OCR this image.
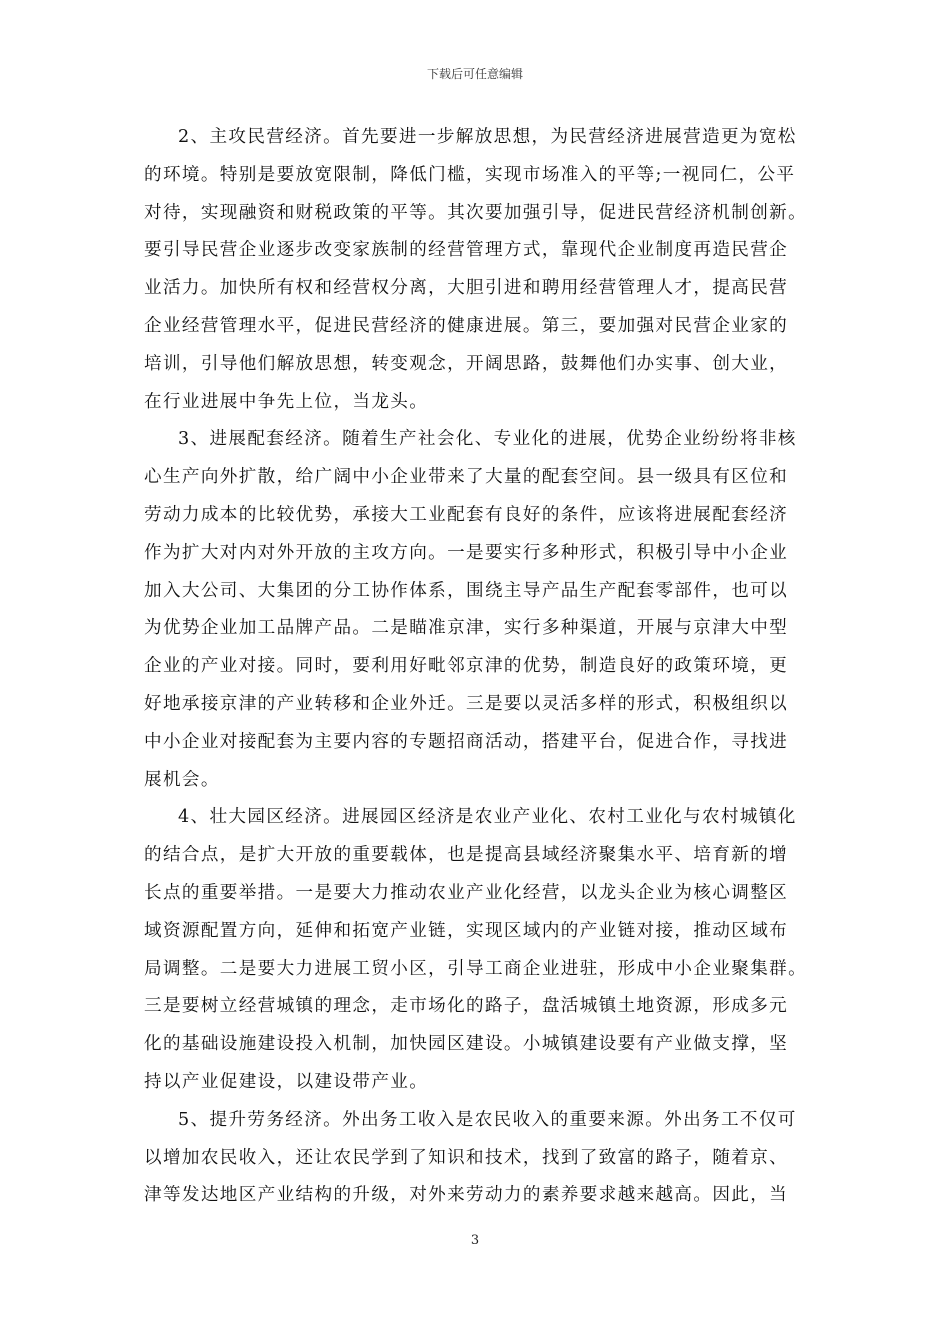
下载后可任意编辑
2、主攻民营经济。首先要进一步解放思想，为民营经济进展营造更为宽松
的环境。特别是要放宽限制，降低门槛，实现市场准入的平等;一视同仁，公平
对待，实现融资和财税政策的平等。其次要加强引导，促进民营经济机制创新。
要引导民营企业逐步改变家族制的经营管理方式，靠现代企业制度再造民营企
业活力。加快所有权和经营权分离，大胆引进和聘用经营管理人才，提高民营
企业经营管理水平，促进民营经济的健康进展。第三，要加强对民营企业家的
培训，引导他们解放思想，转变观念，开阔思路，鼓舞他们办实事、创大业，
在行业进展中争先上位，当龙头。
3、进展配套经济。随着生产社会化、专业化的进展，优势企业纷纷将非核
心生产向外扩散，给广阔中小企业带来了大量的配套空间。县一级具有区位和
劳动力成本的比较优势，承接大工业配套有良好的条件，应该将进展配套经济
作为扩大对内对外开放的主攻方向。一是要实行多种形式，积极引导中小企业
加入大公司、大集团的分工协作体系，围绕主导产品生产配套零部件，也可以
为优势企业加工品牌产品。二是瞄准京津，实行多种渠道，开展与京津大中型
企业的产业对接。同时，要利用好毗邻京津的优势，制造良好的政策环境，更
好地承接京津的产业转移和企业外迁。三是要以灵活多样的形式，积极组织以
中小企业对接配套为主要内容的专题招商活动，搭建平台，促进合作，寻找进
展机会。
4、壮大园区经济。进展园区经济是农业产业化、农村工业化与农村城镇化
的结合点，是扩大开放的重要载体，也是提高县域经济聚集水平、培育新的增
长点的重要举措。一是要大力推动农业产业化经营，以龙头企业为核心调整区
域资源配置方向，延伸和拓宽产业链，实现区域内的产业链对接，推动区域布
局调整。二是要大力进展工贸小区，引导工商企业进驻，形成中小企业聚集群。
三是要树立经营城镇的理念，走市场化的路子，盘活城镇土地资源，形成多元
化的基础设施建设投入机制，加快园区建设。小城镇建设要有产业做支撑，坚
持以产业促建设，以建设带产业。
5、提升劳务经济。外出务工收入是农民收入的重要来源。外出务工不仅可
以增加农民收入，还让农民学到了知识和技术，找到了致富的路子，随着京、
津等发达地区产业结构的升级，对外来劳动力的素养要求越来越高。因此，当
3
